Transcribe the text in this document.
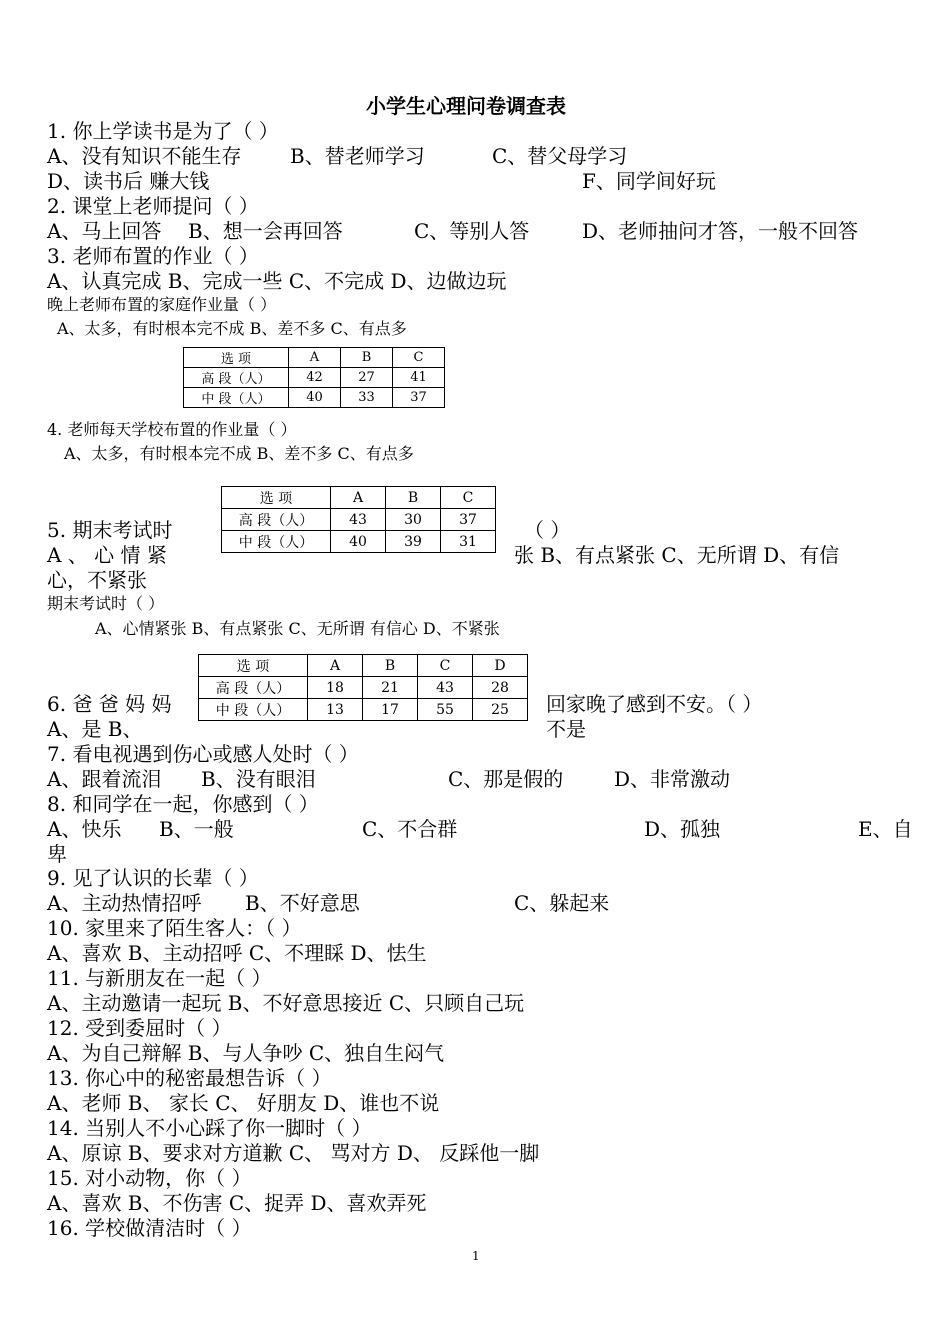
小学生心理问卷调查表
1. 你上学读书是为了（ ）
A、没有知识不能生存 B、替老师学习	C、替父母学习
D、读书后 赚大钱	F、同学间好玩
2. 课堂上老师提问（ ）
A、马上回答 B、想一会再回答	C、等别人答	D、老师抽问才答，一般不回答
3. 老师布置的作业（ ）
A、认真完成 B、完成一些 C、不完成 D、边做边玩
晚上老师布置的家庭作业量（ ）
A、太多，有时根本完不成 B、差不多 C、有点多
选 项	A	B	C
高 段（人）	42	27	41
中 段（人）	40	33	37
4. 老师每天学校布置的作业量（ ）
A、太多，有时根本完不成 B、差不多 C、有点多
选 项	A	B	C
高 段（人）	43	30	37
中 段（人）	40	39	31
5. 期末考试时	（ ）
A 、 心 情 紧	张 B、有点紧张 C、无所谓 D、有信
心，不紧张
期末考试时（ ）
A、心情紧张 B、有点紧张 C、无所谓 有信心 D、不紧张
选 项	A	B	C	D
高 段（人）	18	21	43	28
中 段（人）	13	17	55	25
6. 爸 爸 妈 妈	回家晚了感到不安。（ ）
A、是 B、	不是
7. 看电视遇到伤心或感人处时（ ）
A、跟着流泪 B、没有眼泪	C、那是假的	D、非常激动
8. 和同学在一起，你感到（ ）
A、快乐 B、一般	C、不合群	D、孤独	E、自
卑
9. 见了认识的长辈（ ）
A、主动热情招呼 B、不好意思	C、躲起来
10. 家里来了陌生客人：（ ）
A、喜欢 B、主动招呼 C、不理睬 D、怯生
11. 与新朋友在一起（ ）
A、主动邀请一起玩 B、不好意思接近 C、只顾自己玩
12. 受到委屈时（ ）
A、为自己辩解 B、与人争吵 C、独自生闷气
13. 你心中的秘密最想告诉（ ）
A、老师 B、 家长 C、 好朋友 D、谁也不说
14. 当别人不小心踩了你一脚时（ ）
A、原谅 B、要求对方道歉 C、 骂对方 D、 反踩他一脚
15. 对小动物，你（ ）
A、喜欢 B、不伤害 C、捉弄 D、喜欢弄死
16. 学校做清洁时（ ）
1
